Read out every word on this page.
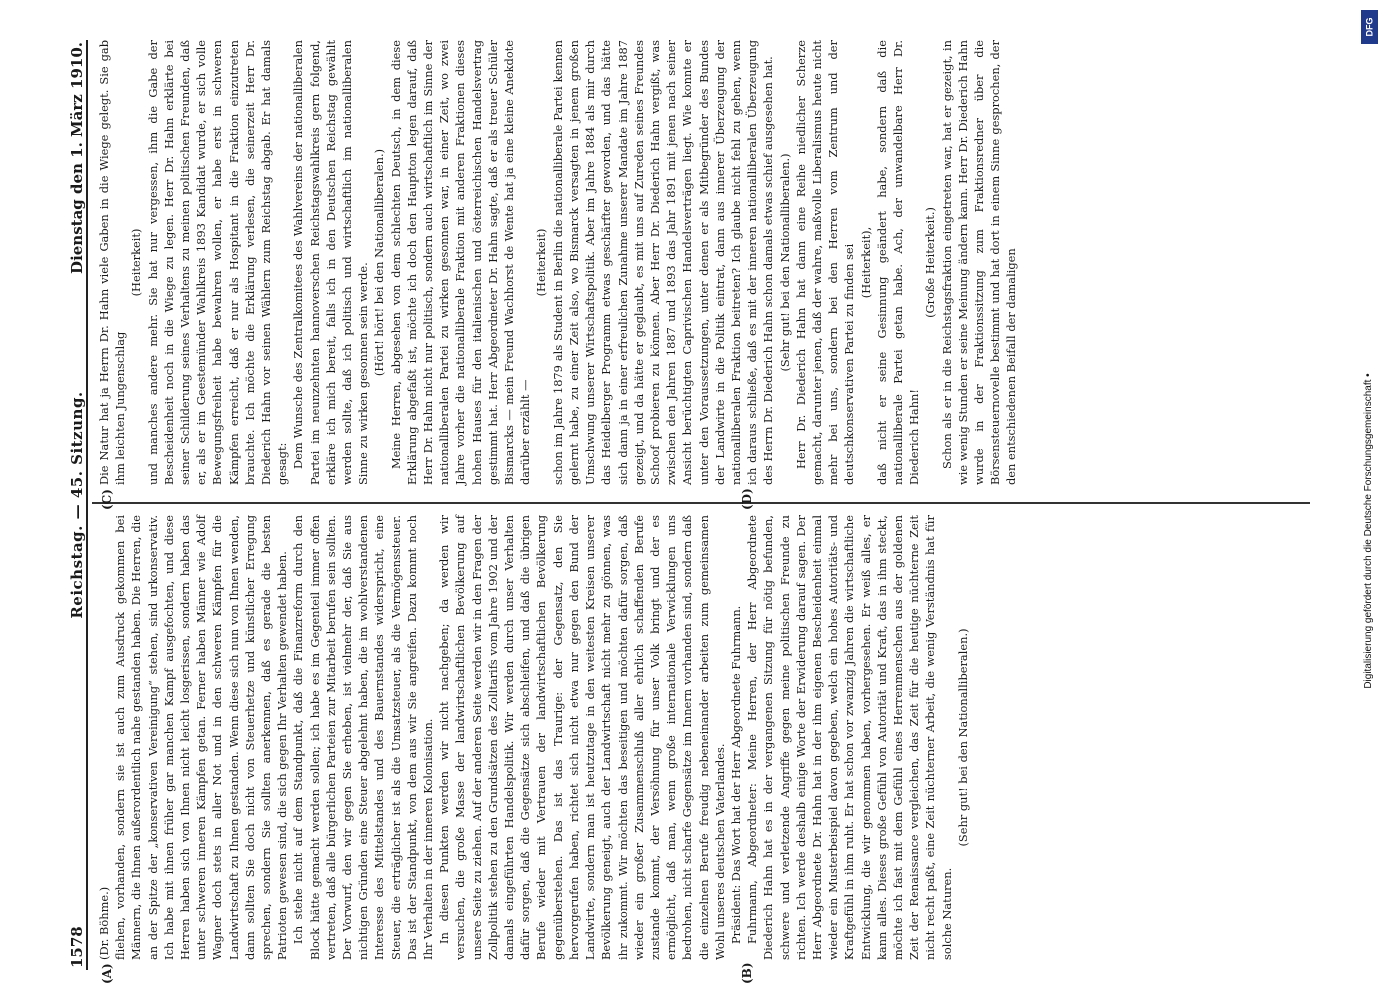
1578
Reichstag. — 45. Sitzung.
Dienstag den 1. März 1910.
(A)	(B)
(C)	(D)

(Dr. Böhme.) fliehen, vorhanden, sondern sie ist auch zum Ausdruck gekommen bei Männern, die Ihnen außerordentlich nahe gestanden haben. Die Herren, die an der Spitze der „konservativen Vereinigung“ stehen, sind urkonservativ. Ich habe mit ihnen früher gar manchen Kampf ausgefochten, und diese Herren haben sich von Ihnen nicht leicht losgerissen, sondern haben das unter schweren inneren Kämpfen getan. Ferner haben Männer wie Adolf Wagner doch stets in aller Not und in den schweren Kämpfen für die Landwirtschaft zu Ihnen gestanden. Wenn diese sich nun von Ihnen wenden, dann sollten Sie doch nicht von Steuerhetze und künstlicher Erregung sprechen, sondern Sie sollten anerkennen, daß es gerade die besten Patrioten gewesen sind, die sich gegen Ihr Verhalten gewendet haben. Ich stehe nicht auf dem Standpunkt, daß die Finanzreform durch den Block hätte gemacht werden sollen; ich habe es im Gegenteil immer offen vertreten, daß alle bürgerlichen Parteien zur Mitarbeit berufen sein sollten. Der Vorwurf, den wir gegen Sie erheben, ist vielmehr der, daß Sie aus nichtigen Gründen eine Steuer abgelehnt haben, die im wohlverstandenen Interesse des Mittelstandes und des Bauernstandes widerspricht, eine Steuer, die erträglicher ist als die Umsatzsteuer, als die Vermögenssteuer. Das ist der Standpunkt, von dem aus wir Sie angreifen. Dazu kommt noch Ihr Verhalten in der inneren Kolonisation. In diesen Punkten werden wir nicht nachgeben; da werden wir versuchen, die große Masse der landwirtschaftlichen Bevölkerung auf unsere Seite zu ziehen. Auf der anderen Seite werden wir in den Fragen der Zollpolitik stehen zu den Grundsätzen des Zolltarifs vom Jahre 1902 und der damals eingeführten Handelspolitik. Wir werden durch unser Verhalten dafür sorgen, daß die Gegensätze sich abschleifen, und daß die übrigen Berufe wieder mit Vertrauen der landwirtschaftlichen Bevölkerung gegenüberstehen. Das ist das Traurige: der Gegensatz, den Sie hervorgerufen haben, richtet sich nicht etwa nur gegen den Bund der Landwirte, sondern man ist heutzutage in den weitesten Kreisen unserer Bevölkerung geneigt, auch der Landwirtschaft nicht mehr zu gönnen, was ihr zukommt. Wir möchten das beseitigen und möchten dafür sorgen, daß wieder ein großer Zusammenschluß aller ehrlich schaffenden Berufe zustande kommt, der Versöhnung für unser Volk bringt und der es ermöglicht, daß man, wenn große internationale Verwicklungen uns bedrohen, nicht scharfe Gegensätze im Innern vorhanden sind, sondern daß die einzelnen Berufe freudig nebeneinander arbeiten zum gemeinsamen Wohl unseres deutschen Vaterlandes. Präsident: Das Wort hat der Herr Abgeordnete Fuhrmann. Fuhrmann, Abgeordneter: Meine Herren, der Herr Abgeordnete Diederich Hahn hat es in der vergangenen Sitzung für nötig befunden, schwere und verletzende Angriffe gegen meine politischen Freunde zu richten. Ich werde deshalb einige Worte der Erwiderung darauf sagen. Der Herr Abgeordnete Dr. Hahn hat in der ihm eigenen Bescheidenheit einmal wieder ein Musterbeispiel davon gegeben, welch ein hohes Autoritäts- und Kraftgefühl in ihm ruht. Er hat schon vor zwanzig Jahren die wirtschaftliche Entwicklung, die wir genommen haben, vorhergesehen. Er weiß alles, er kann alles. Dieses große Gefühl von Autorität und Kraft, das in ihm steckt, möchte ich fast mit dem Gefühl eines Herrenmenschen aus der goldenen Zeit der Renaissance vergleichen, das Zeit für die heutige nüchterne Zeit nicht recht paßt, eine Zeit nüchterner Arbeit, die wenig Verständnis hat für solche Naturen.

(Sehr gut! bei den Nationalliberalen.)

Die Natur hat ja Herrn Dr. Hahn viele Gaben in die Wiege gelegt. Sie gab ihm leichten Jungenschlag

(Heiterkeit) und manches andere mehr. Sie hat nur vergessen, ihm die Gabe der Bescheidenheit noch in die Wiege zu legen. Herr Dr. Hahn erklärte bei seiner Schilderung seines Verhaltens zu meinen politischen Freunden, daß er, als er im Geestemünder Wahlkreis 1893 Kandidat wurde, er sich volle Bewegungsfreiheit habe bewahren wollen, er habe erst in schweren Kämpfen erreicht, daß er nur als Hospitant in die Fraktion einzutreten brauchte. Ich möchte die Erklärung verlesen, die seinerzeit Herr Dr. Diederich Hahn vor seinen Wählern zum Reichstag abgab. Er hat damals gesagt: Dem Wunsche des Zentralkomitees des Wahlvereins der nationalliberalen Partei im neunzehnten hannoverschen Reichstagswahlkreis gern folgend, erkläre ich mich bereit, falls ich in den Deutschen Reichstag gewählt werden sollte, daß ich politisch und wirtschaftlich im nationalliberalen Sinne zu wirken gesonnen sein werde. (Hört! hört! bei den Nationalliberalen.) Meine Herren, abgesehen von dem schlechten Deutsch, in dem diese Erklärung abgefaßt ist, möchte ich doch den Hauptton legen darauf, daß Herr Dr. Hahn nicht nur politisch, sondern auch wirtschaftlich im Sinne der nationalliberalen Partei zu wirken gesonnen war, in einer Zeit, wo zwei Jahre vorher die nationalliberale Fraktion mit anderen Fraktionen dieses hohen Hauses für den italienischen und österreichischen Handelsvertrag gestimmt hat. Herr Abgeordneter Dr. Hahn sagte, daß er als treuer Schüler Bismarcks — mein Freund Wachhorst de Wente hat ja eine kleine Anekdote darüber erzählt —

(Heiterkeit) schon im Jahre 1879 als Student in Berlin die nationalliberale Partei kennen gelernt habe, zu einer Zeit also, wo Bismarck versagten in jenem großen Umschwung unserer Wirtschaftspolitik. Aber im Jahre 1884 als mir durch das Heidelberger Programm etwas geschärfter geworden, und das hätte sich dann ja in einer erfreulichen Zunahme unserer Mandate im Jahre 1887 gezeigt, und da hätte er geglaubt, es mit uns auf Zureden seines Freundes Schoof probieren zu können. Aber Herr Dr. Diederich Hahn vergißt, was zwischen den Jahren 1887 und 1893 das Jahr 1891 mit jenen nach seiner Ansicht berüchtigten Caprivischen Handelsverträgen liegt. Wie konnte er unter den Voraussetzungen, unter denen er als Mitbegründer des Bundes der Landwirte in die Politik eintrat, dann aus innerer Überzeugung der nationalliberalen Fraktion beitreten? Ich glaube nicht fehl zu gehen, wenn ich daraus schließe, daß es mit der inneren nationalliberalen Überzeugung des Herrn Dr. Diederich Hahn schon damals etwas schief ausgesehen hat. (Sehr gut! bei den Nationalliberalen.) Herr Dr. Diederich Hahn hat dann eine Reihe niedlicher Scherze gemacht, darunter jenen, daß der wahre, maßvolle Liberalismus heute nicht mehr bei uns, sondern bei den Herren vom Zentrum und der deutschkonservativen Partei zu finden sei (Heiterkeit), daß nicht er seine Gesinnung geändert habe, sondern daß die nationalliberale Partei getan habe. Ach, der unwandelbare Herr Dr. Diederich Hahn!

(Große Heiterkeit.) Schon als er in die Reichstagsfraktion eingetreten war, hat er gezeigt, in wie wenig Stunden er seine Meinung ändern kann. Herr Dr. Diederich Hahn wurde in der Fraktionssitzung zum Fraktionsredner über die Börsensteuernovelle bestimmt und hat dort in einem Sinne gesprochen, der den entschiedenen Beifall der damaligen

DFG
Digitalisierung gefördert durch die Deutsche Forschungsgemeinschaft •
